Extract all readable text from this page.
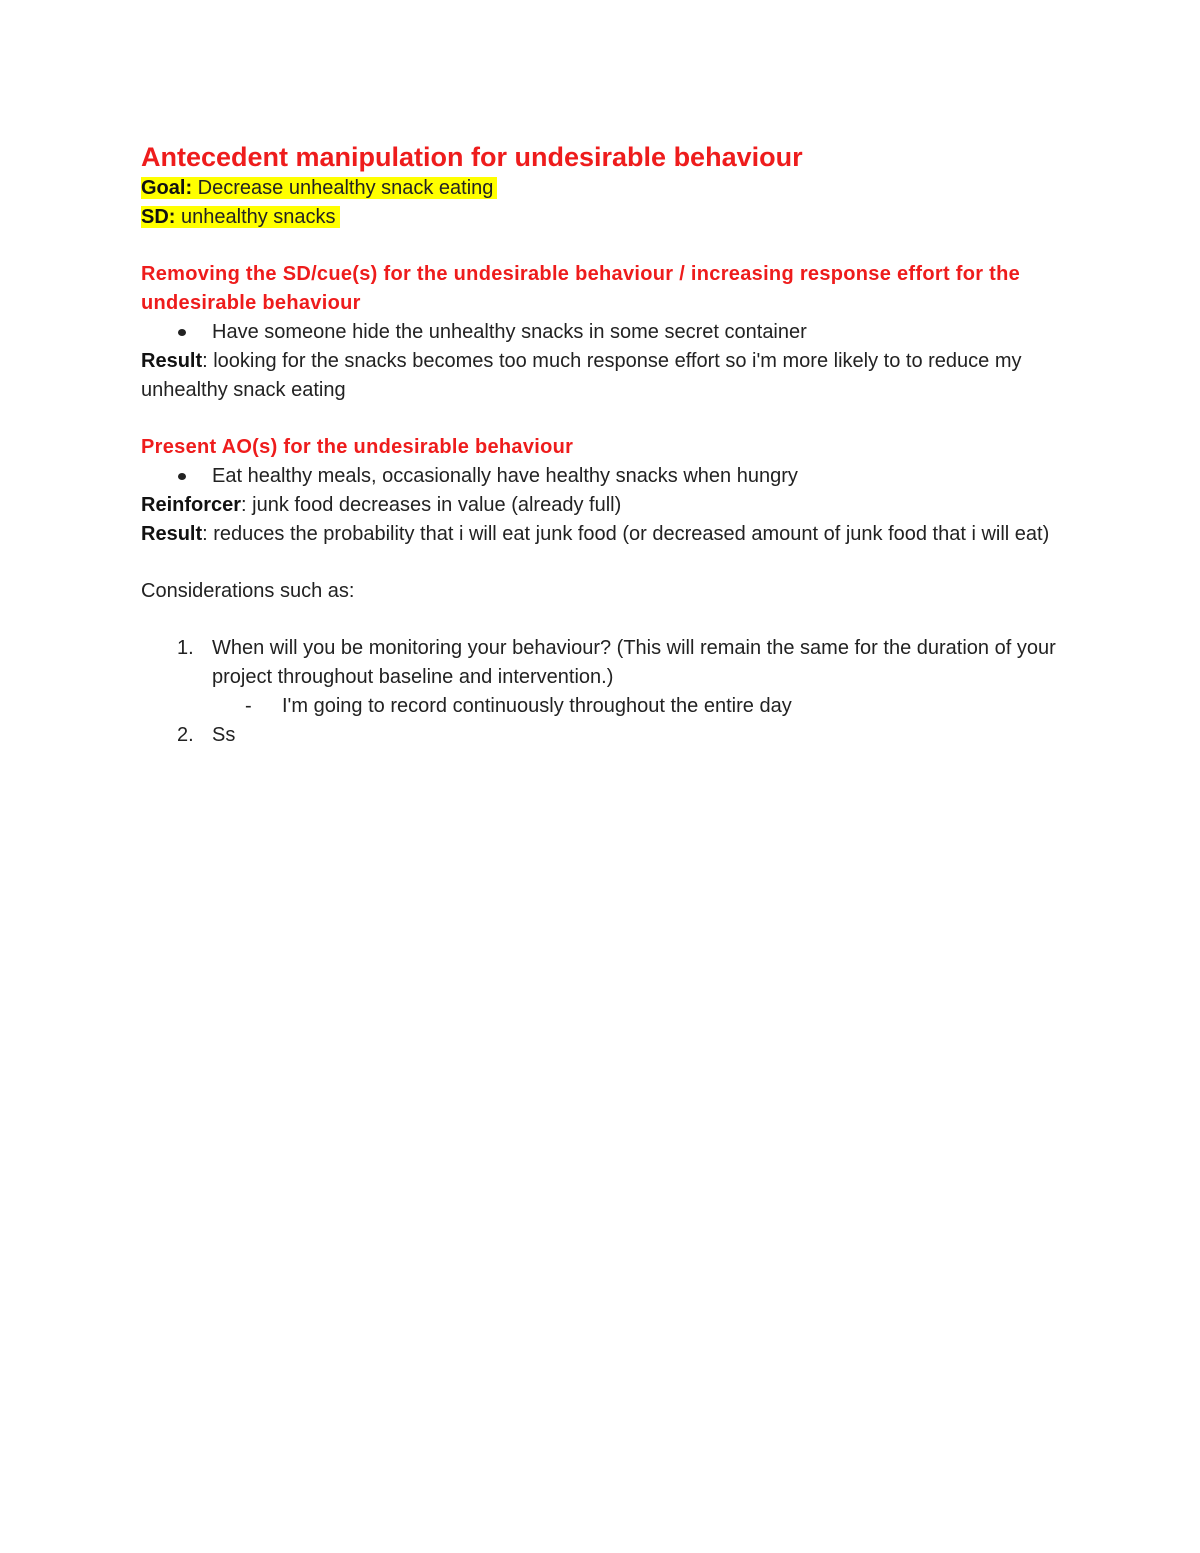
Antecedent manipulation for undesirable behaviour

Goal: Decrease unhealthy snack eating

SD: unhealthy snacks

Removing the SD/cue(s) for the undesirable behaviour / increasing response effort for the undesirable behaviour

Have someone hide the unhealthy snacks in some secret container

Result: looking for the snacks becomes too much response effort so i'm more likely to to reduce my unhealthy snack eating

Present AO(s) for the undesirable behaviour

Eat healthy meals, occasionally have healthy snacks when hungry

Reinforcer: junk food decreases in value (already full)

Result: reduces the probability that i will eat junk food (or decreased amount of junk food that i will eat)

Considerations such as:

1. When will you be monitoring your behaviour? (This will remain the same for the duration of your project throughout baseline and intervention.)
- I'm going to record continuously throughout the entire day
2. Ss
